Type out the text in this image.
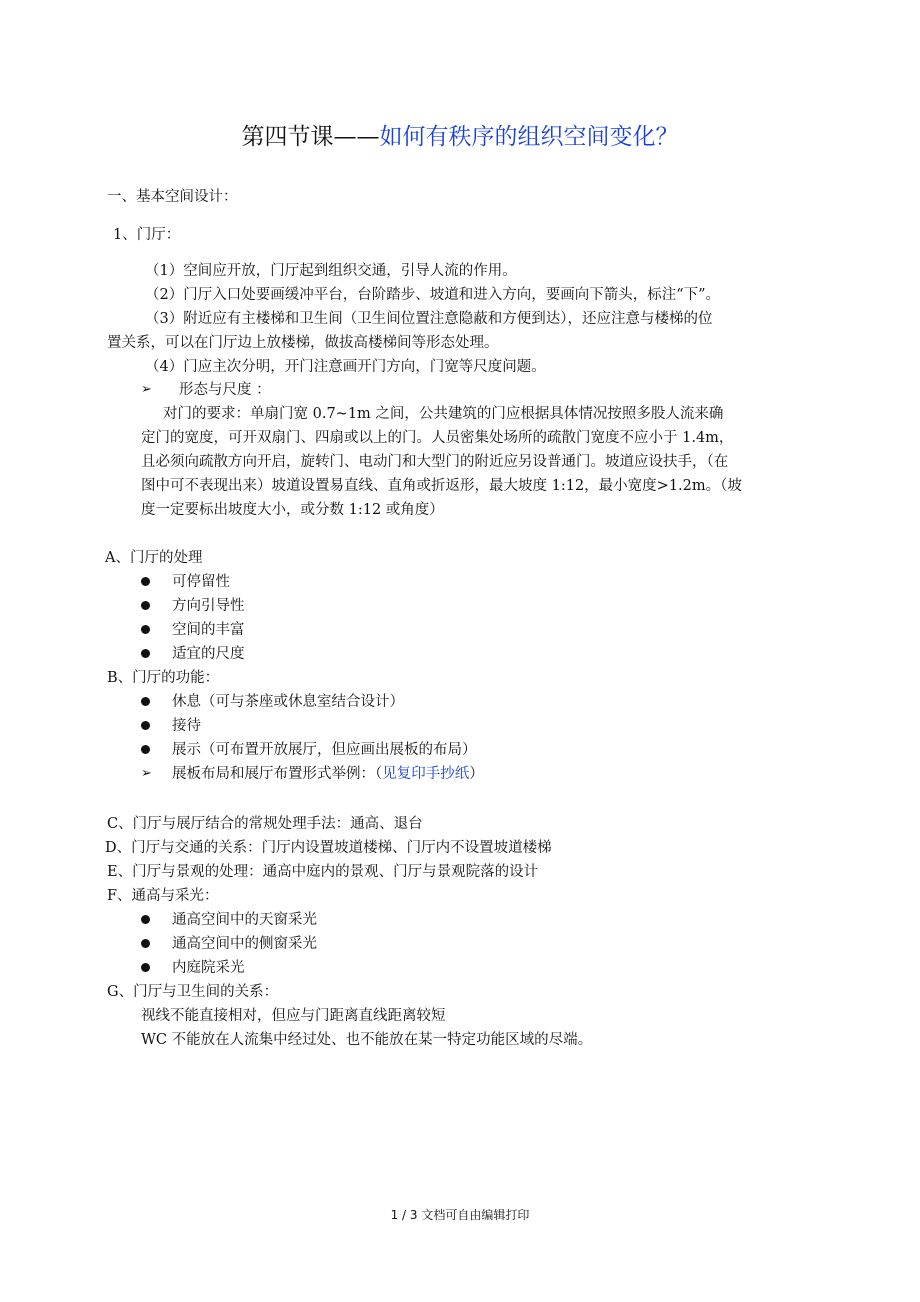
第四节课——如何有秩序的组织空间变化？
一、基本空间设计：
1、门厅：
（1）空间应开放，门厅起到组织交通，引导人流的作用。
（2）门厅入口处要画缓冲平台，台阶踏步、坡道和进入方向，要画向下箭头，标注“下”。
（3）附近应有主楼梯和卫生间（卫生间位置注意隐蔽和方便到达），还应注意与楼梯的位
置关系，可以在门厅边上放楼梯，做拔高楼梯间等形态处理。
（4）门应主次分明，开门注意画开门方向，门宽等尺度问题。
➢ 形态与尺度 ：
对门的要求：单扇门宽 0.7~1m 之间，公共建筑的门应根据具体情况按照多股人流来确
定门的宽度，可开双扇门、四扇或以上的门。人员密集处场所的疏散门宽度不应小于 1.4m，
且必须向疏散方向开启，旋转门、电动门和大型门的附近应另设普通门。坡道应设扶手，（在
图中可不表现出来）坡道设置易直线、直角或折返形，最大坡度 1:12，最小宽度>1.2m。（坡
度一定要标出坡度大小，或分数 1:12 或角度）
A、门厅的处理
可停留性
方向引导性
空间的丰富
适宜的尺度
B、门厅的功能：
休息（可与茶座或休息室结合设计）
接待
展示（可布置开放展厅，但应画出展板的布局）
➢ 展板布局和展厅布置形式举例：（见复印手抄纸）
C、门厅与展厅结合的常规处理手法：通高、退台
D、门厅与交通的关系：门厅内设置坡道楼梯、门厅内不设置坡道楼梯
E、门厅与景观的处理：通高中庭内的景观、门厅与景观院落的设计
F、通高与采光：
通高空间中的天窗采光
通高空间中的侧窗采光
内庭院采光
G、门厅与卫生间的关系：
视线不能直接相对，但应与门距离直线距离较短
WC 不能放在人流集中经过处、也不能放在某一特定功能区域的尽端。
1 / 3 文档可自由编辑打印
